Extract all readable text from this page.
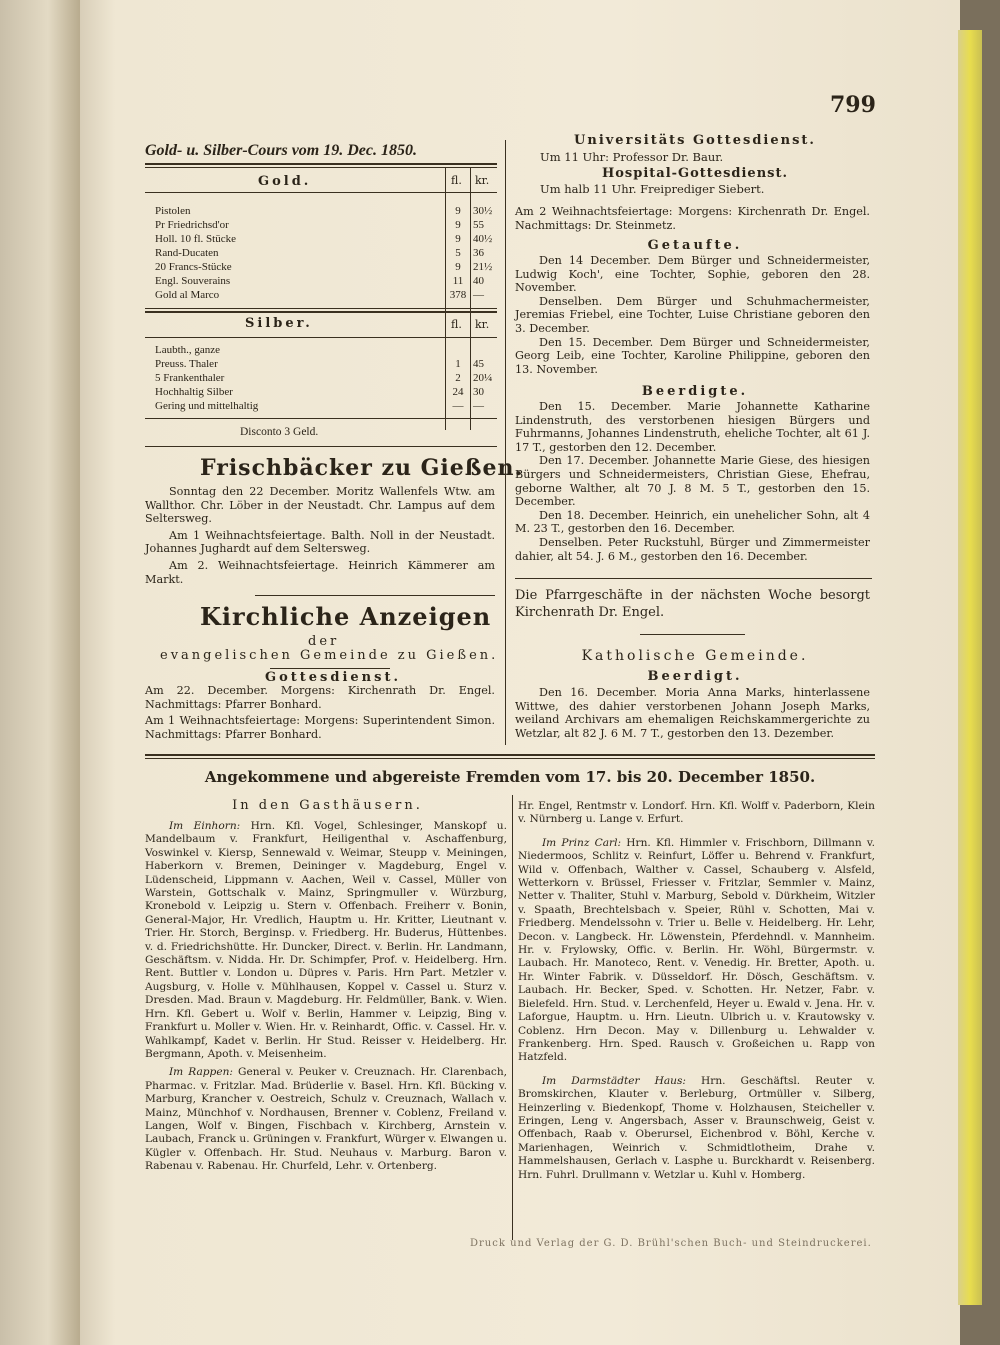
799
Gold- u. Silber-Cours vom 19. Dec. 1850.
Gold.	fl. kr.
Pistolen	9	30½
Pr Friedrichsd'or	9	55
Holl. 10 fl. Stücke	9	40½
Rand-Ducaten	5	36
20 Francs-Stücke	9	21½
Engl. Souverains	11 40
Gold al Marco	378 —
Silber.	fl. kr.
Laubth., ganze
Preuss. Thaler	1	45
5 Frankenthaler	2	20¼
Hochhaltig Silber	24 30
Gering und mittelhaltig	— —
Disconto 3 Geld.
Frischbäcker zu Gießen.

Sonntag den 22 December. Moritz Wallenfels Wtw. am Wallthor. Chr. Löber in der Neustadt. Chr. Lampus auf dem Seltersweg.

Am 1 Weihnachtsfeiertage. Balth. Noll in der Neustadt. Johannes Jughardt auf dem Seltersweg.

Am 2. Weihnachtsfeiertage. Heinrich Kämmerer am Markt.

Kirchliche Anzeigen
der
evangelischen Gemeinde zu Gießen.
Gottesdienst.

Am 22. December. Morgens: Kirchenrath Dr. Engel. Nachmittags: Pfarrer Bonhard.

Am 1 Weihnachtsfeiertage: Morgens: Superintendent Simon. Nachmittags: Pfarrer Bonhard.

Universitäts Gottesdienst.
Um 11 Uhr: Professor Dr. Baur.
Hospital-Gottesdienst.
Um halb 11 Uhr. Freiprediger Siebert.
Am 2 Weihnachtsfeiertage: Morgens: Kirchenrath Dr. Engel. Nachmittags: Dr. Steinmetz.
Getaufte.

Den 14 December. Dem Bürger und Schneidermeister, Ludwig Koch', eine Tochter, Sophie, geboren den 28. November.

Denselben. Dem Bürger und Schuhmachermeister, Jeremias Friebel, eine Tochter, Luise Christiane geboren den 3. December.

Den 15. December. Dem Bürger und Schneidermeister, Georg Leib, eine Tochter, Karoline Philippine, geboren den 13. November.

Beerdigte.

Den 15. December. Marie Johannette Katharine Lindenstruth, des verstorbenen hiesigen Bürgers und Fuhrmanns, Johannes Lindenstruth, eheliche Tochter, alt 61 J. 17 T., gestorben den 12. December.

Den 17. December. Johannette Marie Giese, des hiesigen Bürgers und Schneidermeisters, Christian Giese, Ehefrau, geborne Walther, alt 70 J. 8 M. 5 T., gestorben den 15. December.

Den 18. December. Heinrich, ein unehelicher Sohn, alt 4 M. 23 T., gestorben den 16. December.

Denselben. Peter Ruckstuhl, Bürger und Zimmermeister dahier, alt 54. J. 6 M., gestorben den 16. December.

Die Pfarrgeschäfte in der nächsten Woche besorgt Kirchenrath Dr. Engel.
Katholische Gemeinde.
Beerdigt.
Den 16. December. Moria Anna Marks, hinterlassene Wittwe, des dahier verstorbenen Johann Joseph Marks, weiland Archivars am ehemaligen Reichskammergerichte zu Wetzlar, alt 82 J. 6 M. 7 T., gestorben den 13. Dezember.
Angekommene und abgereiste Fremden vom 17. bis 20. December 1850.
In den Gasthäusern.

Im Einhorn: Hrn. Kfl. Vogel, Schlesinger, Manskopf u. Mandelbaum v. Frankfurt, Heiligenthal v. Aschaffenburg, Voswinkel v. Kiersp, Sennewald v. Weimar, Steupp v. Meiningen, Haberkorn v. Bremen, Deininger v. Magdeburg, Engel v. Lüdenscheid, Lippmann v. Aachen, Weil v. Cassel, Müller von Warstein, Gottschalk v. Mainz, Springmuller v. Würzburg, Kronebold v. Leipzig u. Stern v. Offenbach. Freiherr v. Bonin, General-Major, Hr. Vredlich, Hauptm u. Hr. Kritter, Lieutnant v. Trier. Hr. Storch, Berginsp. v. Friedberg. Hr. Buderus, Hüttenbes. v. d. Friedrichshütte. Hr. Duncker, Direct. v. Berlin. Hr. Landmann, Geschäftsm. v. Nidda. Hr. Dr. Schimpfer, Prof. v. Heidelberg. Hrn. Rent. Buttler v. London u. Düpres v. Paris. Hrn Part. Metzler v. Augsburg, v. Holle v. Mühlhausen, Koppel v. Cassel u. Sturz v. Dresden. Mad. Braun v. Magdeburg. Hr. Feldmüller, Bank. v. Wien. Hrn. Kfl. Gebert u. Wolf v. Berlin, Hammer v. Leipzig, Bing v. Frankfurt u. Moller v. Wien. Hr. v. Reinhardt, Offic. v. Cassel. Hr. v. Wahlkampf, Kadet v. Berlin. Hr Stud. Reisser v. Heidelberg. Hr. Bergmann, Apoth. v. Meisenheim.

Im Rappen: General v. Peuker v. Creuznach. Hr. Clarenbach, Pharmac. v. Fritzlar. Mad. Brüderlie v. Basel. Hrn. Kfl. Bücking v. Marburg, Krancher v. Oestreich, Schulz v. Creuznach, Wallach v. Mainz, Münchhof v. Nordhausen, Brenner v. Coblenz, Freiland v. Langen, Wolf v. Bingen, Fischbach v. Kirchberg, Arnstein v. Laubach, Franck u. Grüningen v. Frankfurt, Würger v. Elwangen u. Kügler v. Offenbach. Hr. Stud. Neuhaus v. Marburg. Baron v. Rabenau v. Rabenau. Hr. Churfeld, Lehr. v. Ortenberg.

Hr. Engel, Rentmstr v. Londorf. Hrn. Kfl. Wolff v. Paderborn, Klein v. Nürnberg u. Lange v. Erfurt.

Im Prinz Carl: Hrn. Kfl. Himmler v. Frischborn, Dillmann v. Niedermoos, Schlitz v. Reinfurt, Löffer u. Behrend v. Frankfurt, Wild v. Offenbach, Walther v. Cassel, Schauberg v. Alsfeld, Wetterkorn v. Brüssel, Friesser v. Fritzlar, Semmler v. Mainz, Netter v. Thaliter, Stuhl v. Marburg, Sebold v. Dürkheim, Witzler v. Spaath, Brechtelsbach v. Speier, Rühl v. Schotten, Mai v. Friedberg. Mendelssohn v. Trier u. Belle v. Heidelberg. Hr. Lehr, Decon. v. Langbeck. Hr. Löwenstein, Pferdehndl. v. Mannheim. Hr. v. Frylowsky, Offic. v. Berlin. Hr. Wöhl, Bürgermstr. v. Laubach. Hr. Manoteco, Rent. v. Venedig. Hr. Bretter, Apoth. u. Hr. Winter Fabrik. v. Düsseldorf. Hr. Dösch, Geschäftsm. v. Laubach. Hr. Becker, Sped. v. Schotten. Hr. Netzer, Fabr. v. Bielefeld. Hrn. Stud. v. Lerchenfeld, Heyer u. Ewald v. Jena. Hr. v. Laforgue, Hauptm. u. Hrn. Lieutn. Ulbrich u. v. Krautowsky v. Coblenz. Hrn Decon. May v. Dillenburg u. Lehwalder v. Frankenberg. Hrn. Sped. Rausch v. Großeichen u. Rapp von Hatzfeld.

Im Darmstädter Haus: Hrn. Geschäftsl. Reuter v. Bromskirchen, Klauter v. Berleburg, Ortmüller v. Silberg, Heinzerling v. Biedenkopf, Thome v. Holzhausen, Steicheller v. Eringen, Leng v. Angersbach, Asser v. Braunschweig, Geist v. Offenbach, Raab v. Oberursel, Eichenbrod v. Böhl, Kerche v. Marienhagen, Weinrich v. Schmidtlotheim, Drahe v. Hammelshausen, Gerlach v. Lasphe u. Burckhardt v. Reisenberg. Hrn. Fuhrl. Drullmann v. Wetzlar u. Kuhl v. Homberg.

Druck und Verlag der G. D. Brühl'schen Buch- und Steindruckerei.
